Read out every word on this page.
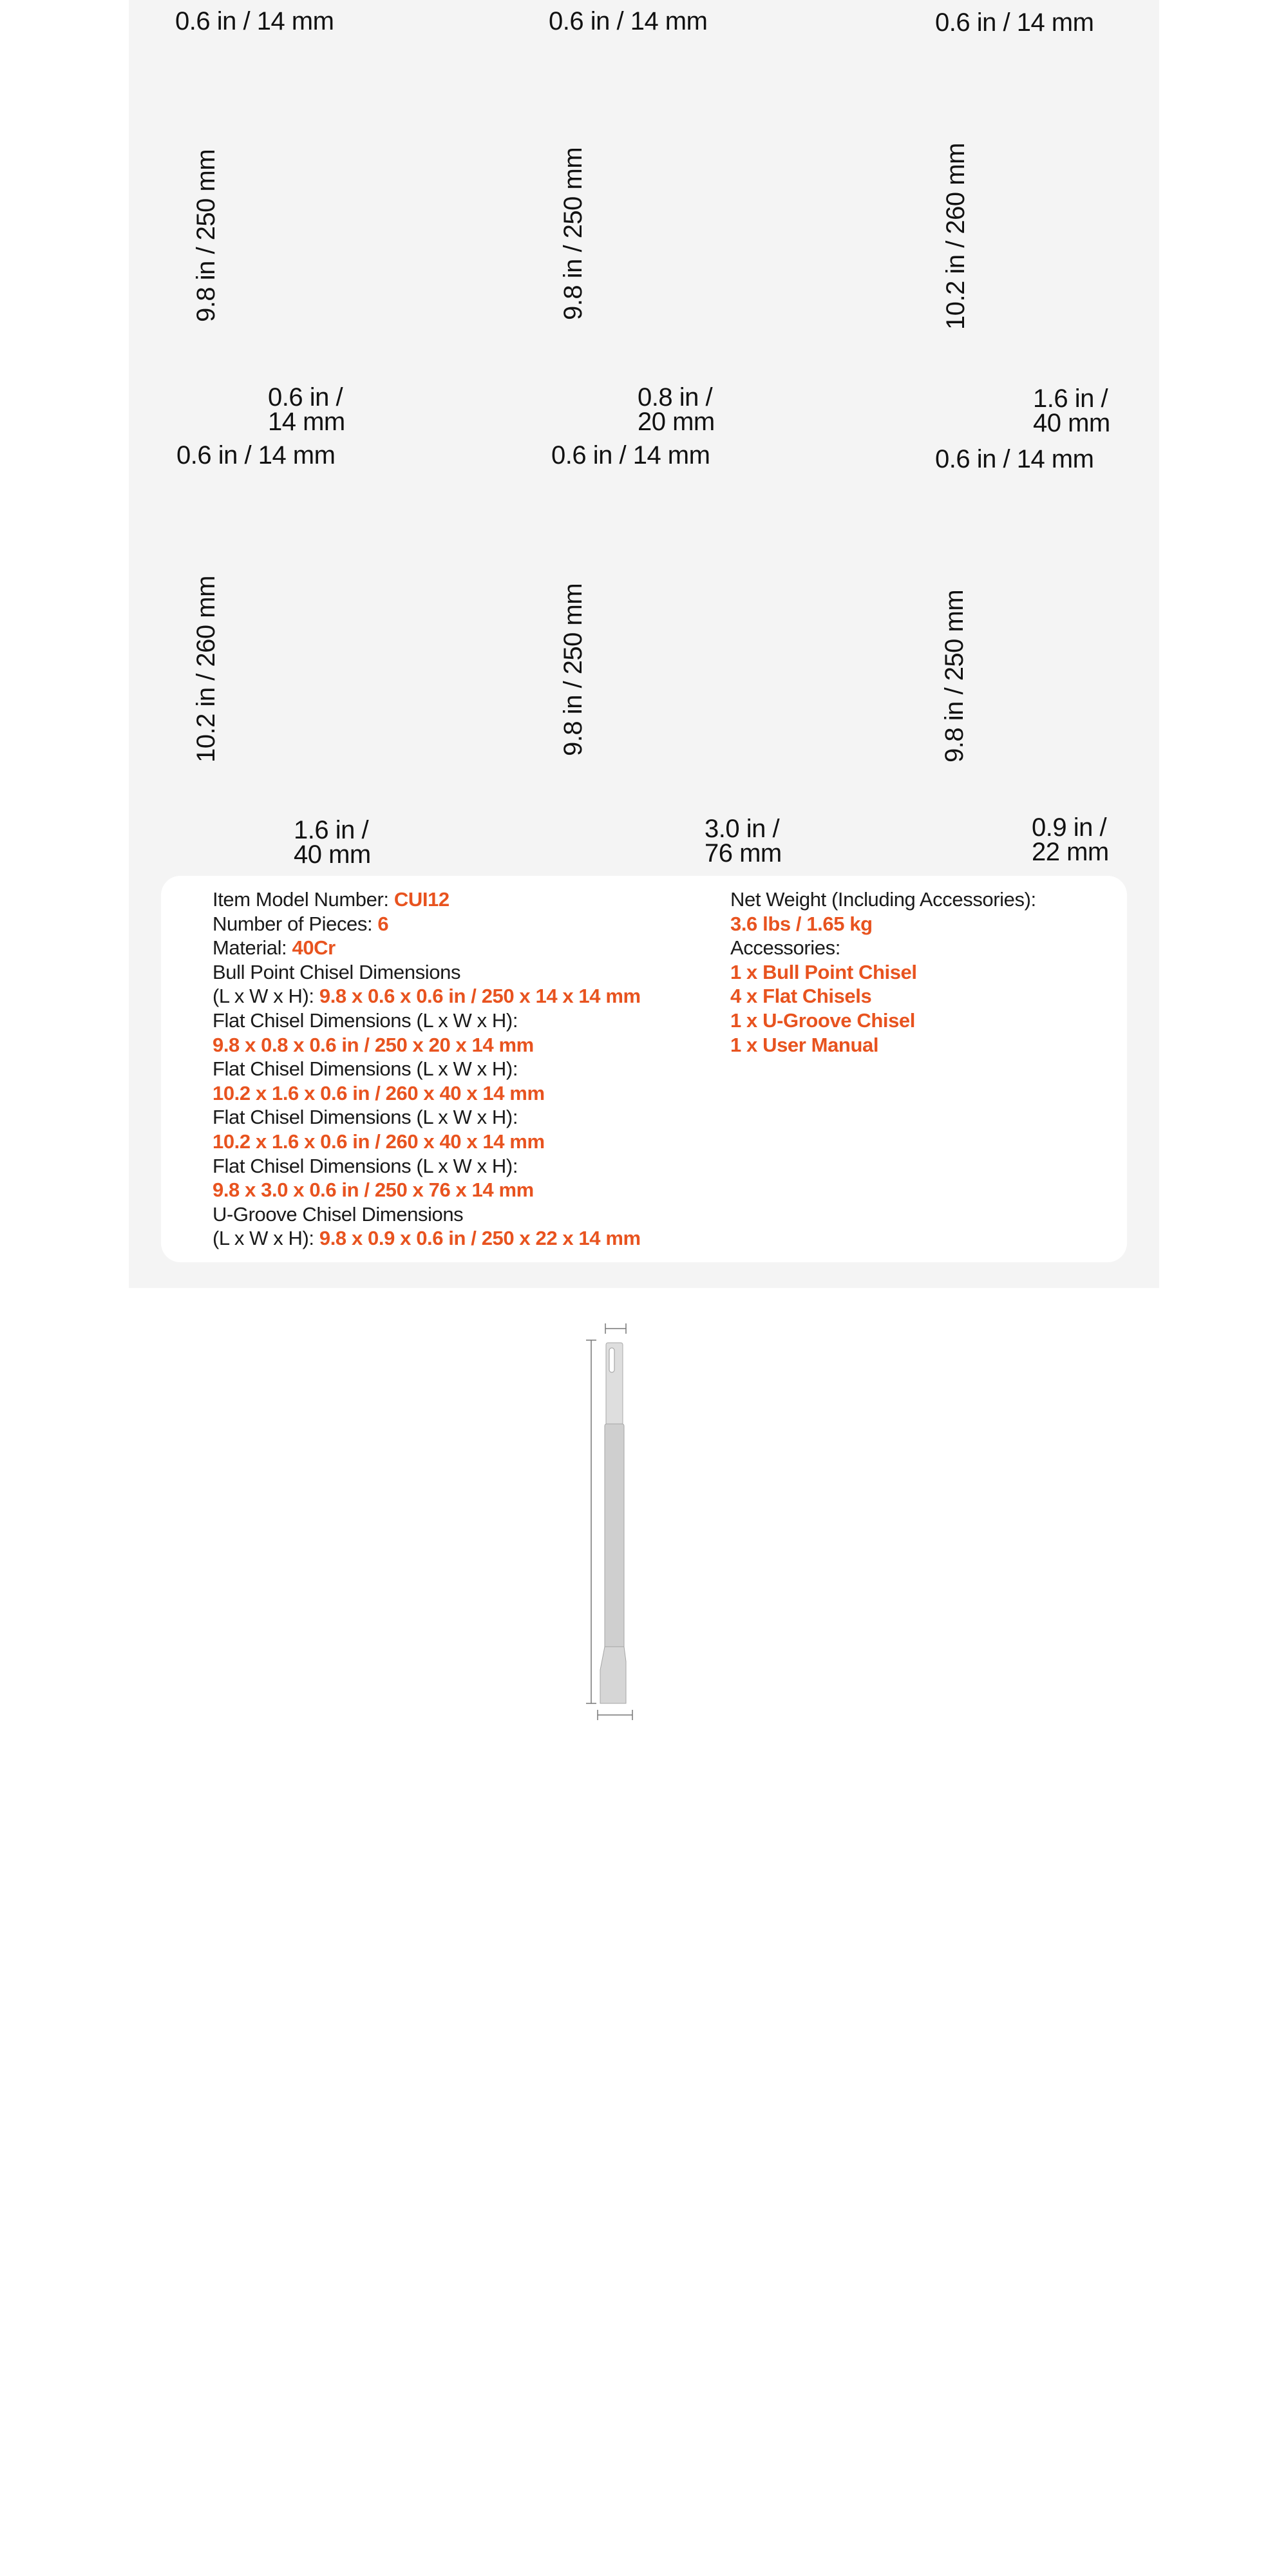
0.6 in / 14 mm
9.8 in / 250 mm
0.6 in /
14 mm
0.6 in / 14 mm
9.8 in / 250 mm
0.8 in /
20 mm
0.6 in / 14 mm
10.2 in / 260 mm
1.6 in /
40 mm
0.6 in / 14 mm
10.2 in / 260 mm
1.6 in /
40 mm
0.6 in / 14 mm
9.8 in / 250 mm
3.0 in /
76 mm
0.6 in / 14 mm
9.8 in / 250 mm
0.9 in /
22 mm
Item Model Number: CUI12
Number of Pieces: 6
Material: 40Cr
Bull Point Chisel Dimensions
(L x W x H): 9.8 x 0.6 x 0.6 in / 250 x 14 x 14 mm
Flat Chisel Dimensions (L x W x H):
9.8 x 0.8 x 0.6 in / 250 x 20 x 14 mm
Flat Chisel Dimensions (L x W x H):
10.2 x 1.6 x 0.6 in / 260 x 40 x 14 mm
Flat Chisel Dimensions (L x W x H):
10.2 x 1.6 x 0.6 in / 260 x 40 x 14 mm
Flat Chisel Dimensions (L x W x H):
9.8 x 3.0 x 0.6 in / 250 x 76 x 14 mm
U-Groove Chisel Dimensions
(L x W x H): 9.8 x 0.9 x 0.6 in / 250 x 22 x 14 mm
Net Weight (Including Accessories):
3.6 lbs / 1.65 kg
Accessories:
1 x Bull Point Chisel
4 x Flat Chisels
1 x U-Groove Chisel
1 x User Manual
